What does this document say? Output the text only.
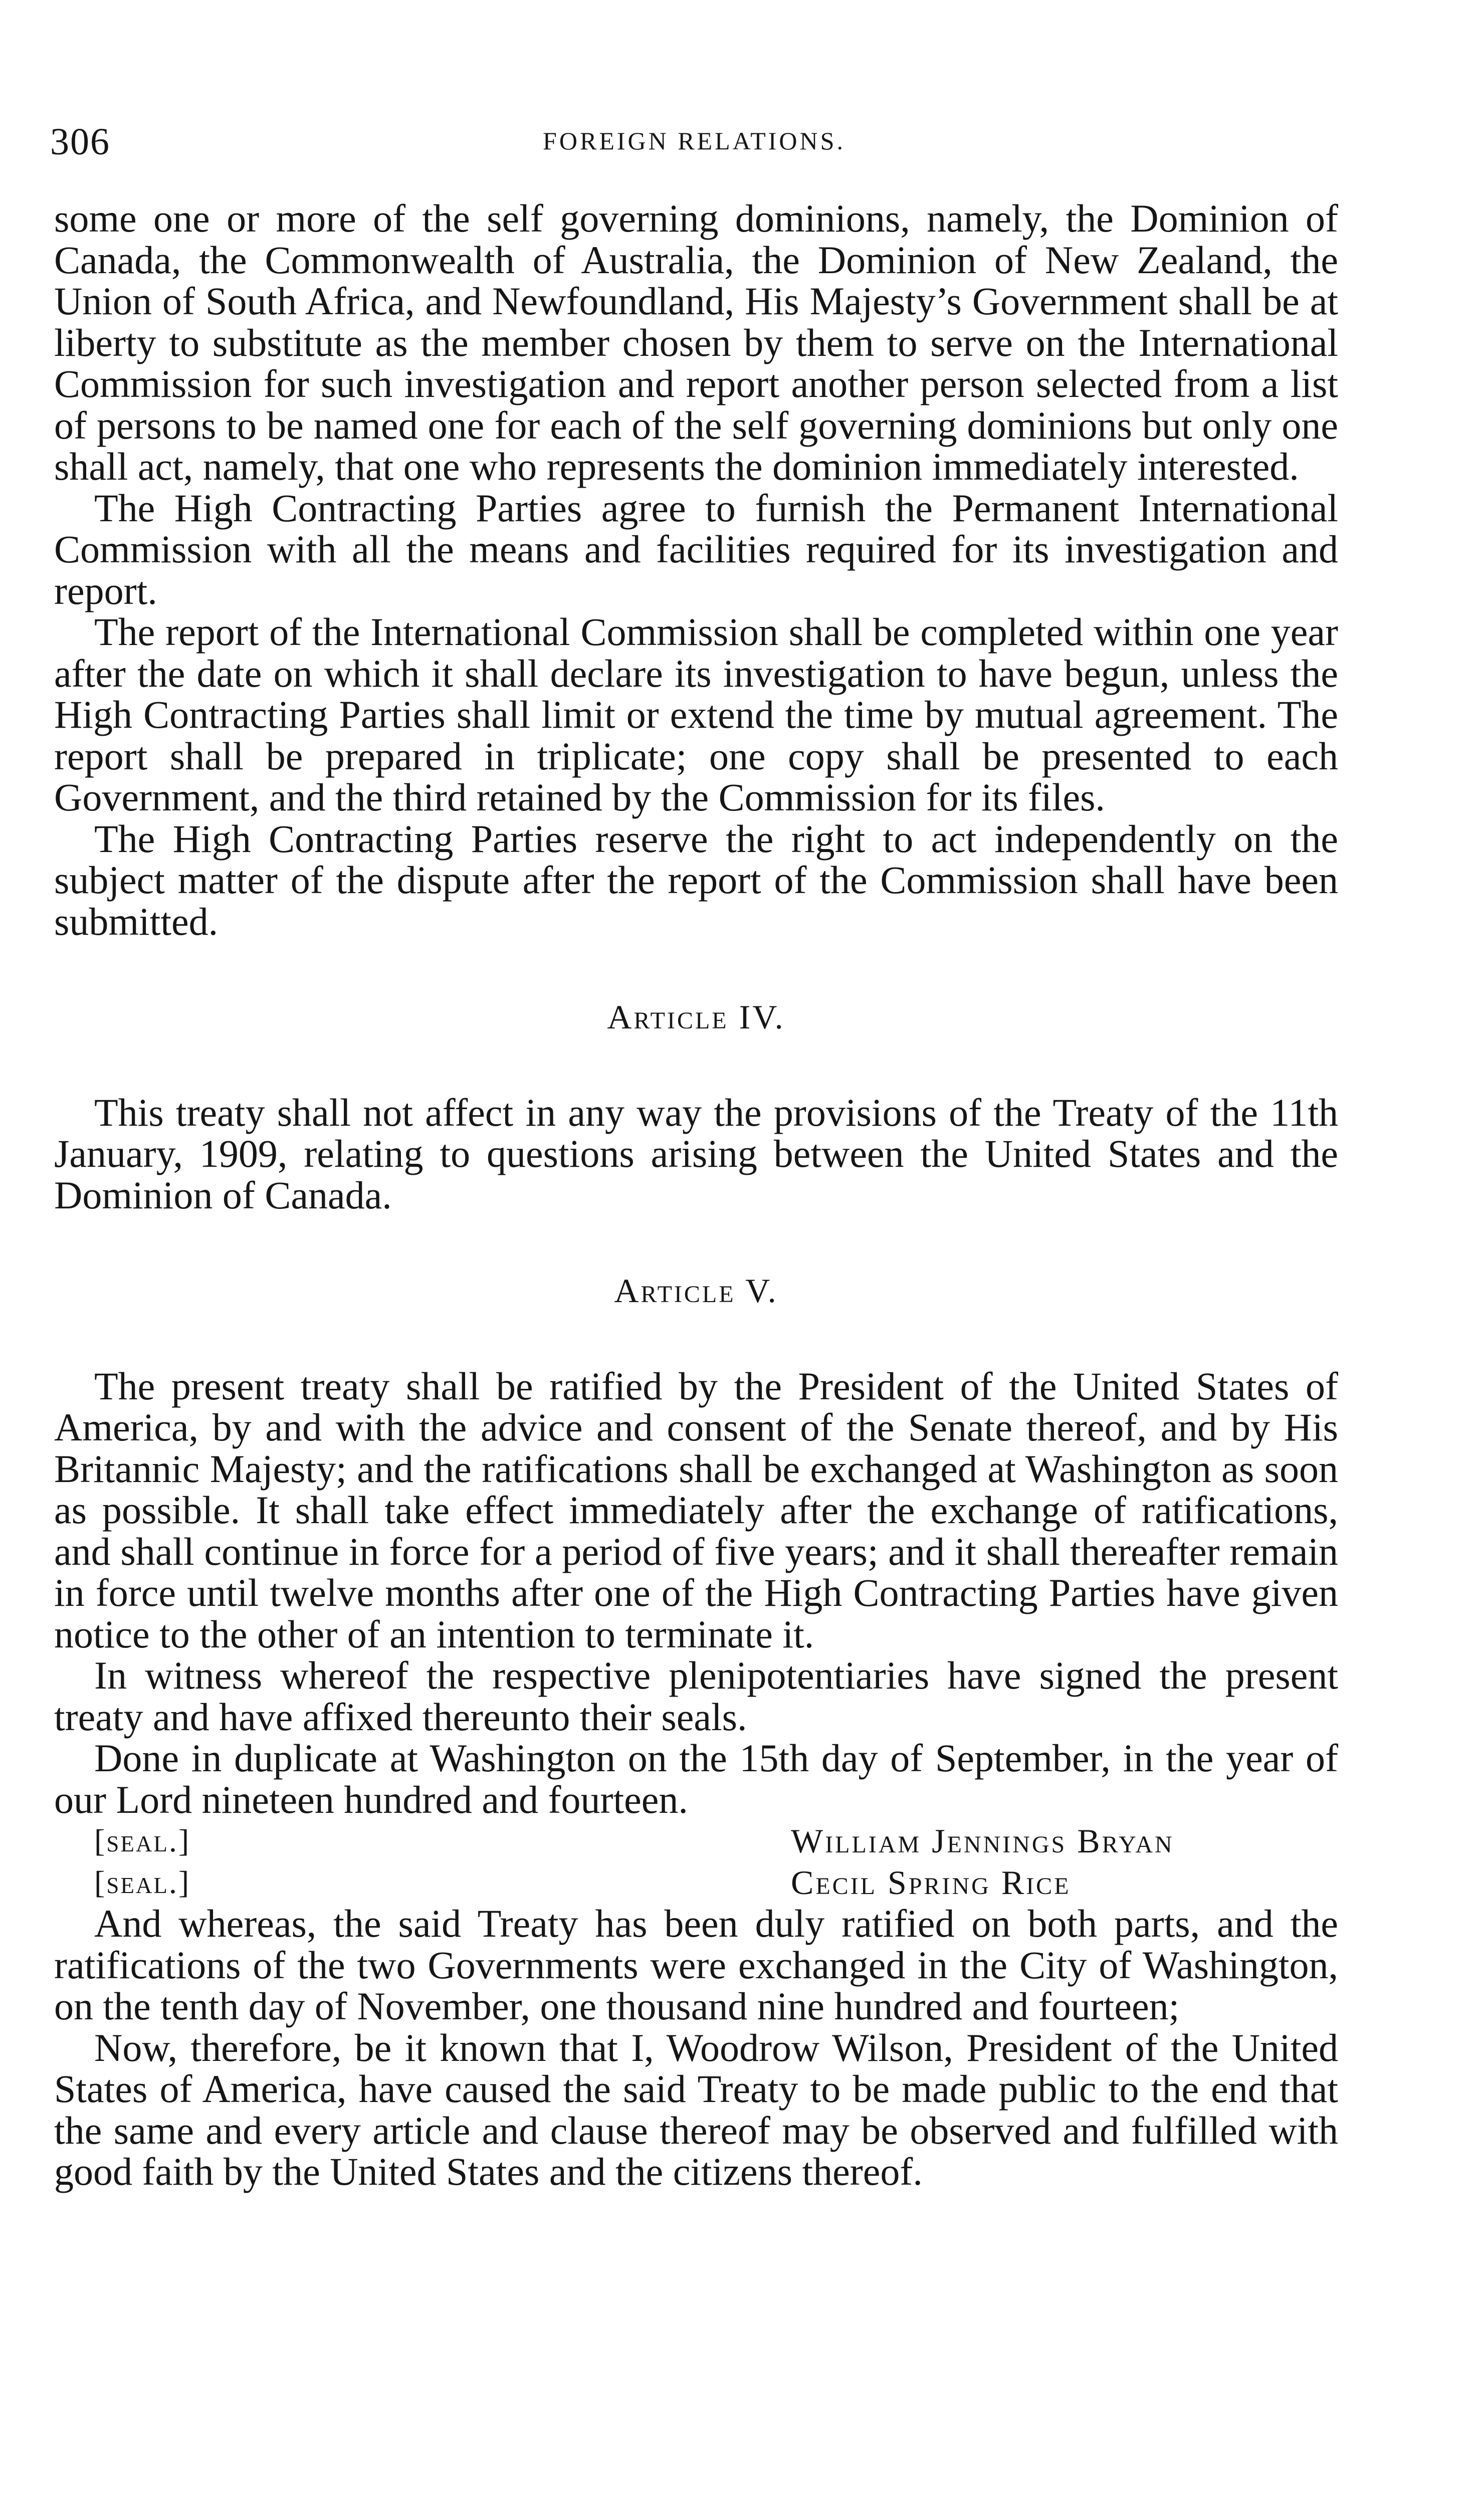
306	FOREIGN RELATIONS.

some one or more of the self governing dominions, namely, the Dominion of Canada, the Commonwealth of Australia, the Dominion of New Zealand, the Union of South Africa, and Newfoundland, His Majesty’s Government shall be at liberty to substitute as the member chosen by them to serve on the International Commission for such investigation and report another person selected from a list of persons to be named one for each of the self governing dominions but only one shall act, namely, that one who represents the dominion immediately interested.

The High Contracting Parties agree to furnish the Permanent International Commission with all the means and facilities required for its investigation and report.

The report of the International Commission shall be completed within one year after the date on which it shall declare its investigation to have begun, unless the High Contracting Parties shall limit or extend the time by mutual agreement. The report shall be prepared in triplicate; one copy shall be presented to each Government, and the third retained by the Commission for its files.

The High Contracting Parties reserve the right to act independently on the subject matter of the dispute after the report of the Commission shall have been submitted.

Article IV.

This treaty shall not affect in any way the provisions of the Treaty of the 11th January, 1909, relating to questions arising between the United States and the Dominion of Canada.

Article V.

The present treaty shall be ratified by the President of the United States of America, by and with the advice and consent of the Senate thereof, and by His Britannic Majesty; and the ratifications shall be exchanged at Washington as soon as possible. It shall take effect immediately after the exchange of ratifications, and shall continue in force for a period of five years; and it shall thereafter remain in force until twelve months after one of the High Contracting Parties have given notice to the other of an intention to terminate it.

In witness whereof the respective plenipotentiaries have signed the present treaty and have affixed thereunto their seals.

Done in duplicate at Washington on the 15th day of September, in the year of our Lord nineteen hundred and fourteen.

[seal.]	William Jennings Bryan
[seal.]	Cecil Spring Rice

And whereas, the said Treaty has been duly ratified on both parts, and the ratifications of the two Governments were exchanged in the City of Washington, on the tenth day of November, one thousand nine hundred and fourteen;

Now, therefore, be it known that I, Woodrow Wilson, President of the United States of America, have caused the said Treaty to be made public to the end that the same and every article and clause thereof may be observed and fulfilled with good faith by the United States and the citizens thereof.
